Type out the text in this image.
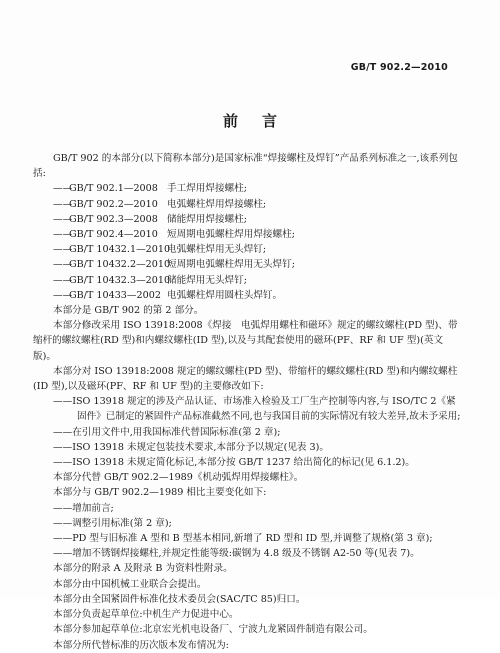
GB/T 902.2—2010
前言

GB/T 902 的本部分(以下简称本部分)是国家标准“焊接螺柱及焊钉”产品系列标准之一,该系列包括:

——
GB/T 902.1—2008 手工焊用焊接螺柱;
——
GB/T 902.2—2010 电弧螺柱焊用焊接螺柱;
——
GB/T 902.3—2008 储能焊用焊接螺柱;
——
GB/T 902.4—2010 短周期电弧螺柱焊用焊接螺柱;
——
GB/T 10432.1—2010
电弧螺柱焊用无头焊钉;
——
GB/T 10432.2—2010
短周期电弧螺柱焊用无头焊钉;
——
GB/T 10432.3—2010
储能焊用无头焊钉;
——
GB/T 10433—2002 电弧螺柱焊用圆柱头焊钉。

本部分是 GB/T 902 的第 2 部分。

本部分修改采用 ISO 13918:2008《焊接　电弧焊用螺柱和磁环》规定的螺纹螺柱(PD 型)、带缩杆的螺纹螺柱(RD 型)和内螺纹螺柱(ID 型),以及与其配套使用的磁环(PF、RF 和 UF 型)(英文版)。

本部分对 ISO 13918:2008 规定的螺纹螺柱(PD 型)、带缩杆的螺纹螺柱(RD 型)和内螺纹螺柱(ID 型),以及磁环(PF、RF 和 UF 型)的主要修改如下:

——ISO 13918 规定的涉及产品认证、市场准入检验及工厂生产控制等内容,与 ISO/TC 2《紧固件》已制定的紧固件产品标准截然不同,也与我国目前的实际情况有较大差异,故未予采用;

——在引用文件中,用我国标准代替国际标准(第 2 章);

——ISO 13918 未规定包装技术要求,本部分予以规定(见表 3)。

——ISO 13918 未规定简化标记,本部分按 GB/T 1237 给出简化的标记(见 6.1.2)。

本部分代替 GB/T 902.2—1989《机动弧焊用焊接螺柱》。

本部分与 GB/T 902.2—1989 相比主要变化如下:

——增加前言;

——调整引用标准(第 2 章);

——PD 型与旧标准 A 型和 B 型基本相同,新增了 RD 型和 ID 型,并调整了规格(第 3 章);

——增加不锈钢焊接螺柱,并规定性能等级:碳钢为 4.8 级及不锈钢 A2-50 等(见表 7)。

本部分的附录 A 及附录 B 为资料性附录。

本部分由中国机械工业联合会提出。

本部分由全国紧固件标准化技术委员会(SAC/TC 85)归口。

本部分负责起草单位:中机生产力促进中心。

本部分参加起草单位:北京宏光机电设备厂、宁波九龙紧固件制造有限公司。

本部分所代替标准的历次版本发布情况为:
